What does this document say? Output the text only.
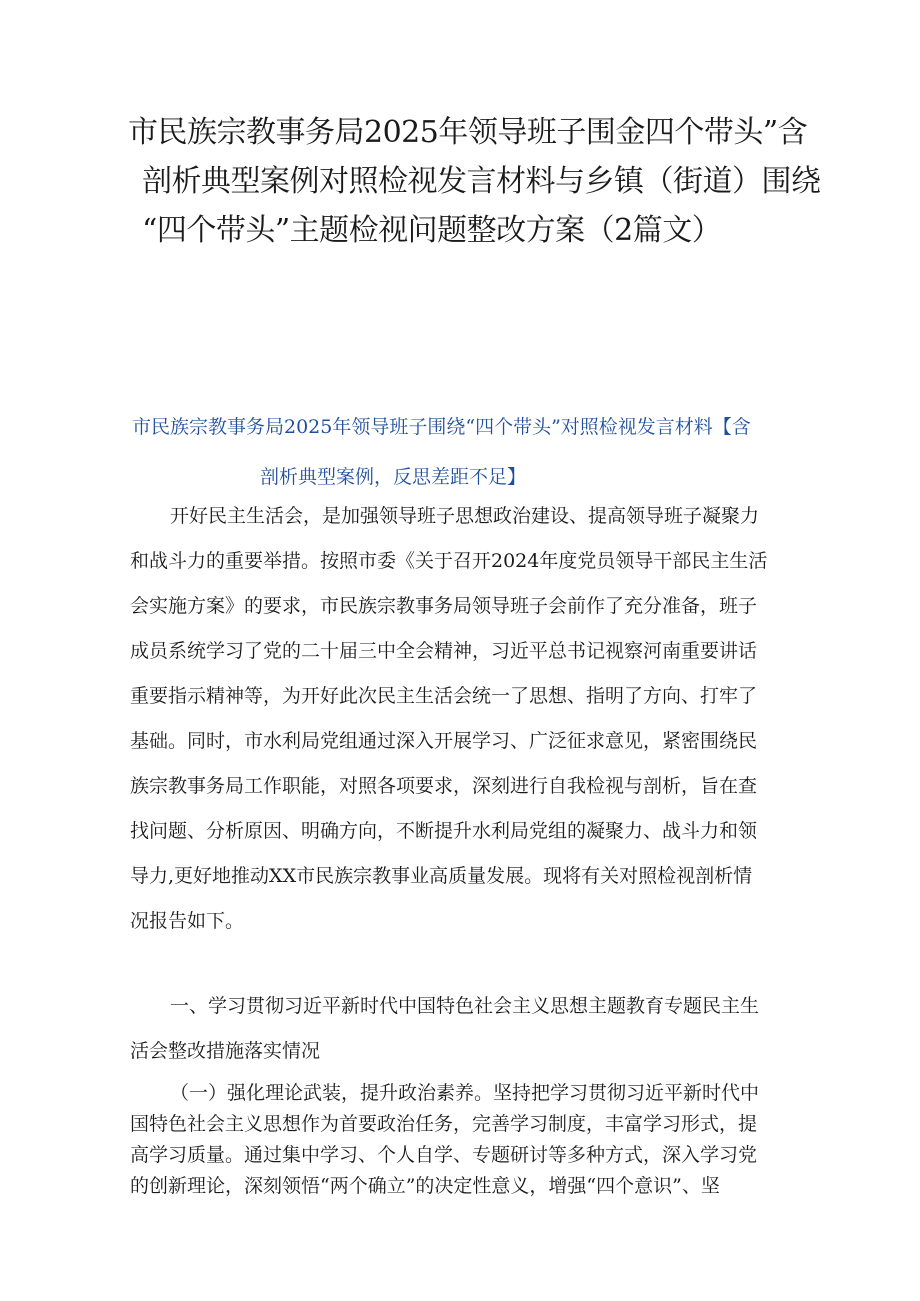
市民族宗教事务局2025年领导班子围金四个带头”含
剖析典型案例对照检视发言材料与乡镇（街道）围绕
“四个带头”主题检视问题整改方案（2篇文）
市民族宗教事务局2025年领导班子围绕“四个带头”对照检视发言材料【含
剖析典型案例，反思差距不足】
开好民主生活会，是加强领导班子思想政治建设、提高领导班子凝聚力
和战斗力的重要举措。按照市委《关于召开2024年度党员领导干部民主生活
会实施方案》的要求，市民族宗教事务局领导班子会前作了充分准备，班子
成员系统学习了党的二十届三中全会精神，习近平总书记视察河南重要讲话
重要指示精神等，为开好此次民主生活会统一了思想、指明了方向、打牢了
基础。同时，市水利局党组通过深入开展学习、广泛征求意见，紧密围绕民
族宗教事务局工作职能，对照各项要求，深刻进行自我检视与剖析，旨在查
找问题、分析原因、明确方向，不断提升水利局党组的凝聚力、战斗力和领
导力,更好地推动XX市民族宗教事业高质量发展。现将有关对照检视剖析情
况报告如下。
一、学习贯彻习近平新时代中国特色社会主义思想主题教育专题民主生
活会整改措施落实情况
（一）强化理论武装，提升政治素养。坚持把学习贯彻习近平新时代中
国特色社会主义思想作为首要政治任务，完善学习制度，丰富学习形式，提
高学习质量。通过集中学习、个人自学、专题研讨等多种方式，深入学习党
的创新理论，深刻领悟“两个确立”的决定性意义，增强“四个意识”、坚
